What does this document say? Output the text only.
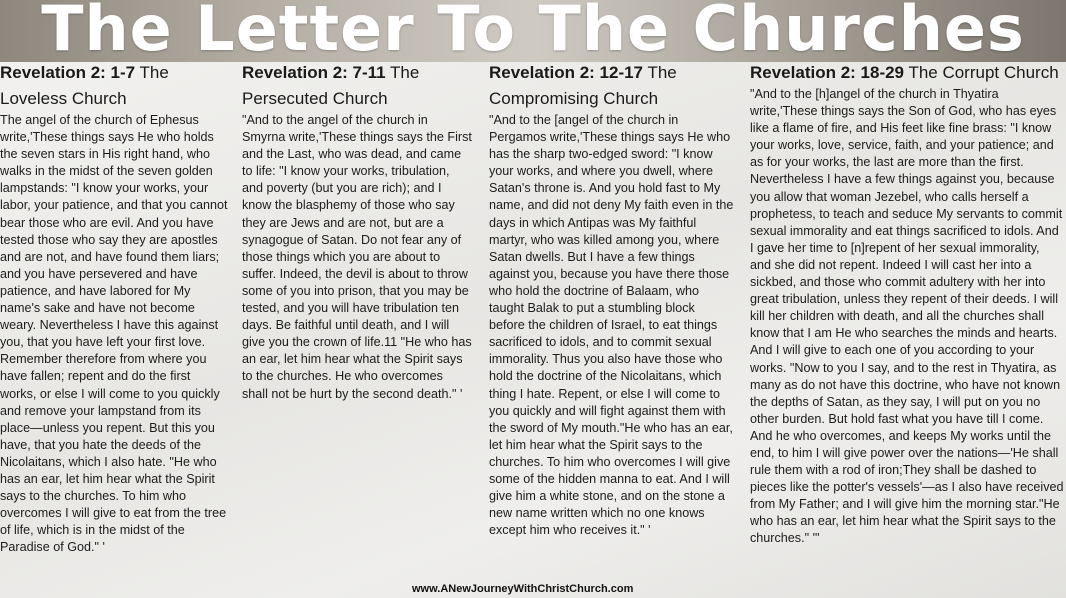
The Letter To The Churches
Revelation 2: 1-7 The Loveless Church

The angel of the church of Ephesus write,'These things says He who holds the seven stars in His right hand, who walks in the midst of the seven golden lampstands: "I know your works, your labor, your patience, and that you cannot bear those who are evil. And you have tested those who say they are apostles and are not, and have found them liars; and you have persevered and have patience, and have labored for My name's sake and have not become weary. Nevertheless I have this against you, that you have left your first love. Remember therefore from where you have fallen; repent and do the first works, or else I will come to you quickly and remove your lampstand from its place—unless you repent. But this you have, that you hate the deeds of the Nicolaitans, which I also hate. "He who has an ear, let him hear what the Spirit says to the churches. To him who overcomes I will give to eat from the tree of life, which is in the midst of the Paradise of God." '

Revelation 2: 7-11 The Persecuted Church

"And to the angel of the church in Smyrna write,'These things says the First and the Last, who was dead, and came to life: "I know your works, tribulation, and poverty (but you are rich); and I know the blasphemy of those who say they are Jews and are not, but are a synagogue of Satan. Do not fear any of those things which you are about to suffer. Indeed, the devil is about to throw some of you into prison, that you may be tested, and you will have tribulation ten days. Be faithful until death, and I will give you the crown of life.11 "He who has an ear, let him hear what the Spirit says to the churches. He who overcomes shall not be hurt by the second death." '

Revelation 2: 12-17 The Compromising Church

"And to the [angel of the church in Pergamos write,'These things says He who has the sharp two-edged sword: "I know your works, and where you dwell, where Satan's throne is. And you hold fast to My name, and did not deny My faith even in the days in which Antipas was My faithful martyr, who was killed among you, where Satan dwells. But I have a few things against you, because you have there those who hold the doctrine of Balaam, who taught Balak to put a stumbling block before the children of Israel, to eat things sacrificed to idols, and to commit sexual immorality. Thus you also have those who hold the doctrine of the Nicolaitans, which thing I hate. Repent, or else I will come to you quickly and will fight against them with the sword of My mouth."He who has an ear, let him hear what the Spirit says to the churches. To him who overcomes I will give some of the hidden manna to eat. And I will give him a white stone, and on the stone a new name written which no one knows except him who receives it." '

Revelation 2: 18-29 The Corrupt Church

"And to the [h]angel of the church in Thyatira write,'These things says the Son of God, who has eyes like a flame of fire, and His feet like fine brass: "I know your works, love, service, faith, and your patience; and as for your works, the last are more than the first. Nevertheless I have a few things against you, because you allow that woman Jezebel, who calls herself a prophetess, to teach and seduce My servants to commit sexual immorality and eat things sacrificed to idols. And I gave her time to [n]repent of her sexual immorality, and she did not repent. Indeed I will cast her into a sickbed, and those who commit adultery with her into great tribulation, unless they repent of their deeds. I will kill her children with death, and all the churches shall know that I am He who searches the minds and hearts. And I will give to each one of you according to your works. "Now to you I say, and to the rest in Thyatira, as many as do not have this doctrine, who have not known the depths of Satan, as they say, I will put on you no other burden. But hold fast what you have till I come. And he who overcomes, and keeps My works until the end, to him I will give power over the nations—'He shall rule them with a rod of iron;They shall be dashed to pieces like the potter's vessels'—as I also have received from My Father; and I will give him the morning star."He who has an ear, let him hear what the Spirit says to the churches." '"

www.ANewJourneyWithChristChurch.com
